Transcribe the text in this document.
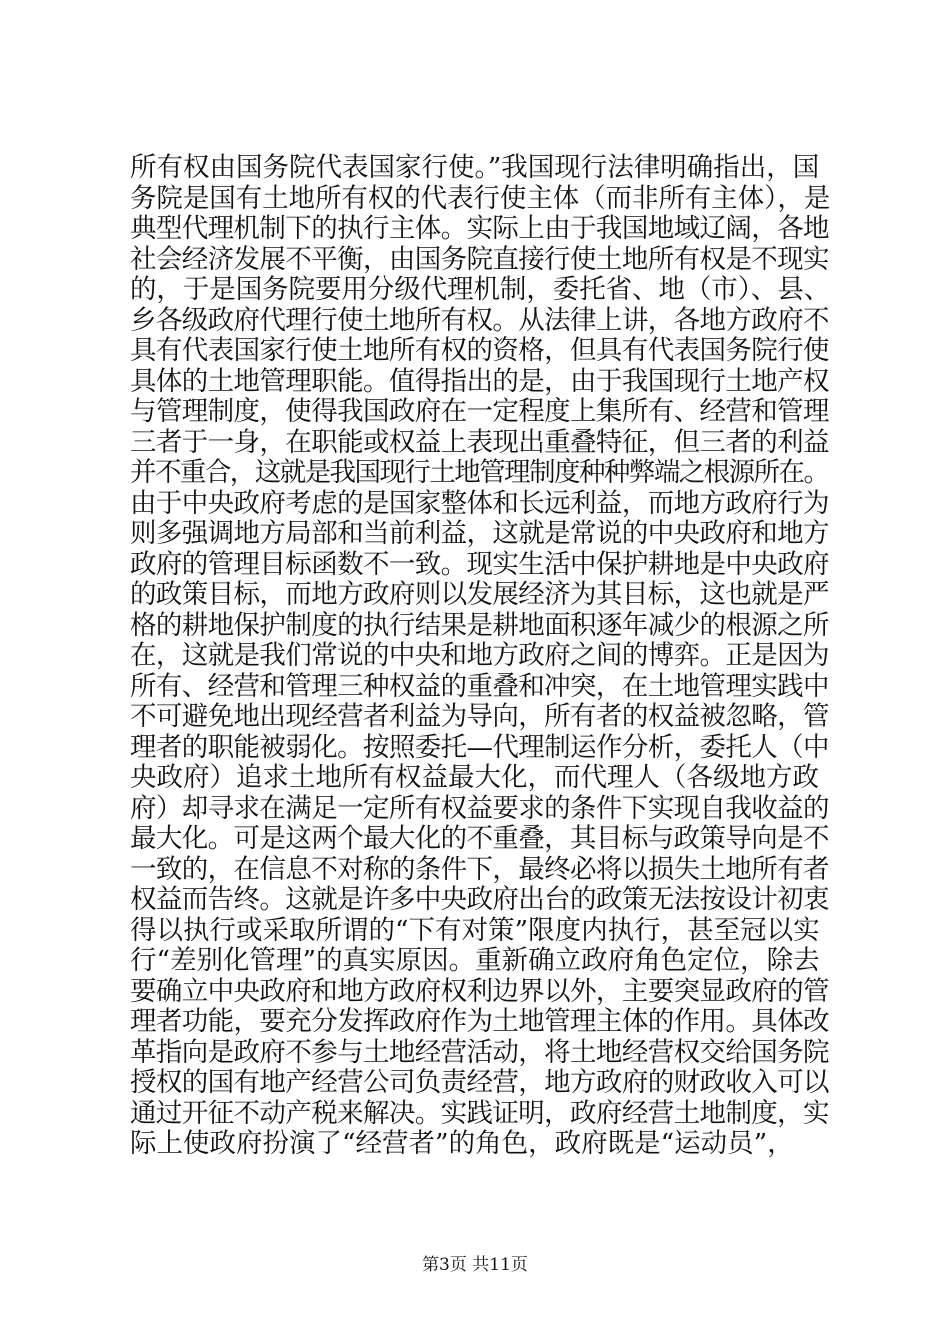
所有权由国务院代表国家行使。”我国现行法律明确指出，国
务院是国有土地所有权的代表行使主体（而非所有主体），是
典型代理机制下的执行主体。实际上由于我国地域辽阔，各地
社会经济发展不平衡，由国务院直接行使土地所有权是不现实
的，于是国务院要用分级代理机制，委托省、地（市）、县、
乡各级政府代理行使土地所有权。从法律上讲，各地方政府不
具有代表国家行使土地所有权的资格，但具有代表国务院行使
具体的土地管理职能。值得指出的是，由于我国现行土地产权
与管理制度，使得我国政府在一定程度上集所有、经营和管理
三者于一身，在职能或权益上表现出重叠特征，但三者的利益
并不重合，这就是我国现行土地管理制度种种弊端之根源所在。
由于中央政府考虑的是国家整体和长远利益，而地方政府行为
则多强调地方局部和当前利益，这就是常说的中央政府和地方
政府的管理目标函数不一致。现实生活中保护耕地是中央政府
的政策目标，而地方政府则以发展经济为其目标，这也就是严
格的耕地保护制度的执行结果是耕地面积逐年减少的根源之所
在，这就是我们常说的中央和地方政府之间的博弈。正是因为
所有、经营和管理三种权益的重叠和冲突，在土地管理实践中
不可避免地出现经营者利益为导向，所有者的权益被忽略，管
理者的职能被弱化。按照委托—代理制运作分析，委托人（中
央政府）追求土地所有权益最大化，而代理人（各级地方政
府）却寻求在满足一定所有权益要求的条件下实现自我收益的
最大化。可是这两个最大化的不重叠，其目标与政策导向是不
一致的，在信息不对称的条件下，最终必将以损失土地所有者
权益而告终。这就是许多中央政府出台的政策无法按设计初衷
得以执行或采取所谓的“下有对策”限度内执行，甚至冠以实
行“差别化管理”的真实原因。重新确立政府角色定位，除去
要确立中央政府和地方政府权利边界以外，主要突显政府的管
理者功能，要充分发挥政府作为土地管理主体的作用。具体改
革指向是政府不参与土地经营活动，将土地经营权交给国务院
授权的国有地产经营公司负责经营，地方政府的财政收入可以
通过开征不动产税来解决。实践证明，政府经营土地制度，实
际上使政府扮演了“经营者”的角色，政府既是“运动员”，
第3页 共11页
